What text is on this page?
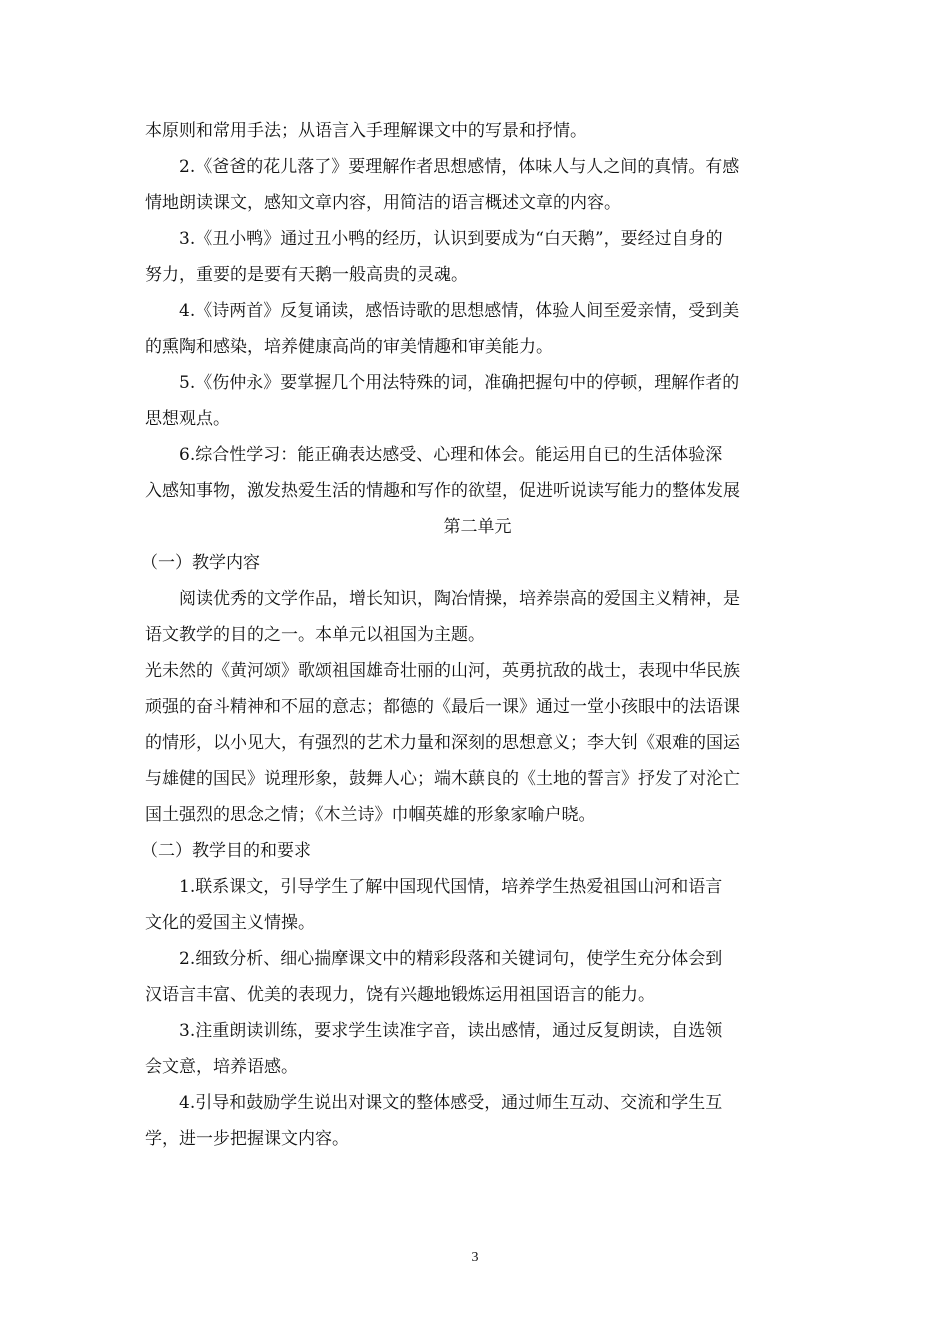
本原则和常用手法；从语言入手理解课文中的写景和抒情。
2.《爸爸的花儿落了》要理解作者思想感情，体味人与人之间的真情。有感
情地朗读课文，感知文章内容，用简洁的语言概述文章的内容。
3.《丑小鸭》通过丑小鸭的经历，认识到要成为“白天鹅”，要经过自身的
努力，重要的是要有天鹅一般高贵的灵魂。
4.《诗两首》反复诵读，感悟诗歌的思想感情，体验人间至爱亲情，受到美
的熏陶和感染，培养健康高尚的审美情趣和审美能力。
5.《伤仲永》要掌握几个用法特殊的词，准确把握句中的停顿，理解作者的
思想观点。
6.综合性学习：能正确表达感受、心理和体会。能运用自已的生活体验深
入感知事物，激发热爱生活的情趣和写作的欲望，促进听说读写能力的整体发展
第二单元
（一）教学内容
阅读优秀的文学作品，增长知识，陶冶情操，培养崇高的爱国主义精神，是
语文教学的目的之一。本单元以祖国为主题。
光未然的《黄河颂》歌颂祖国雄奇壮丽的山河，英勇抗敌的战士，表现中华民族
顽强的奋斗精神和不屈的意志；都德的《最后一课》通过一堂小孩眼中的法语课
的情形，以小见大，有强烈的艺术力量和深刻的思想意义；李大钊《艰难的国运
与雄健的国民》说理形象，鼓舞人心；端木蕻良的《土地的誓言》抒发了对沦亡
国土强烈的思念之情；《木兰诗》巾帼英雄的形象家喻户晓。
（二）教学目的和要求
1.联系课文，引导学生了解中国现代国情，培养学生热爱祖国山河和语言
文化的爱国主义情操。
2.细致分析、细心揣摩课文中的精彩段落和关键词句，使学生充分体会到
汉语言丰富、优美的表现力，饶有兴趣地锻炼运用祖国语言的能力。
3.注重朗读训练，要求学生读准字音，读出感情，通过反复朗读，自选领
会文意，培养语感。
4.引导和鼓励学生说出对课文的整体感受，通过师生互动、交流和学生互
学，进一步把握课文内容。
3
